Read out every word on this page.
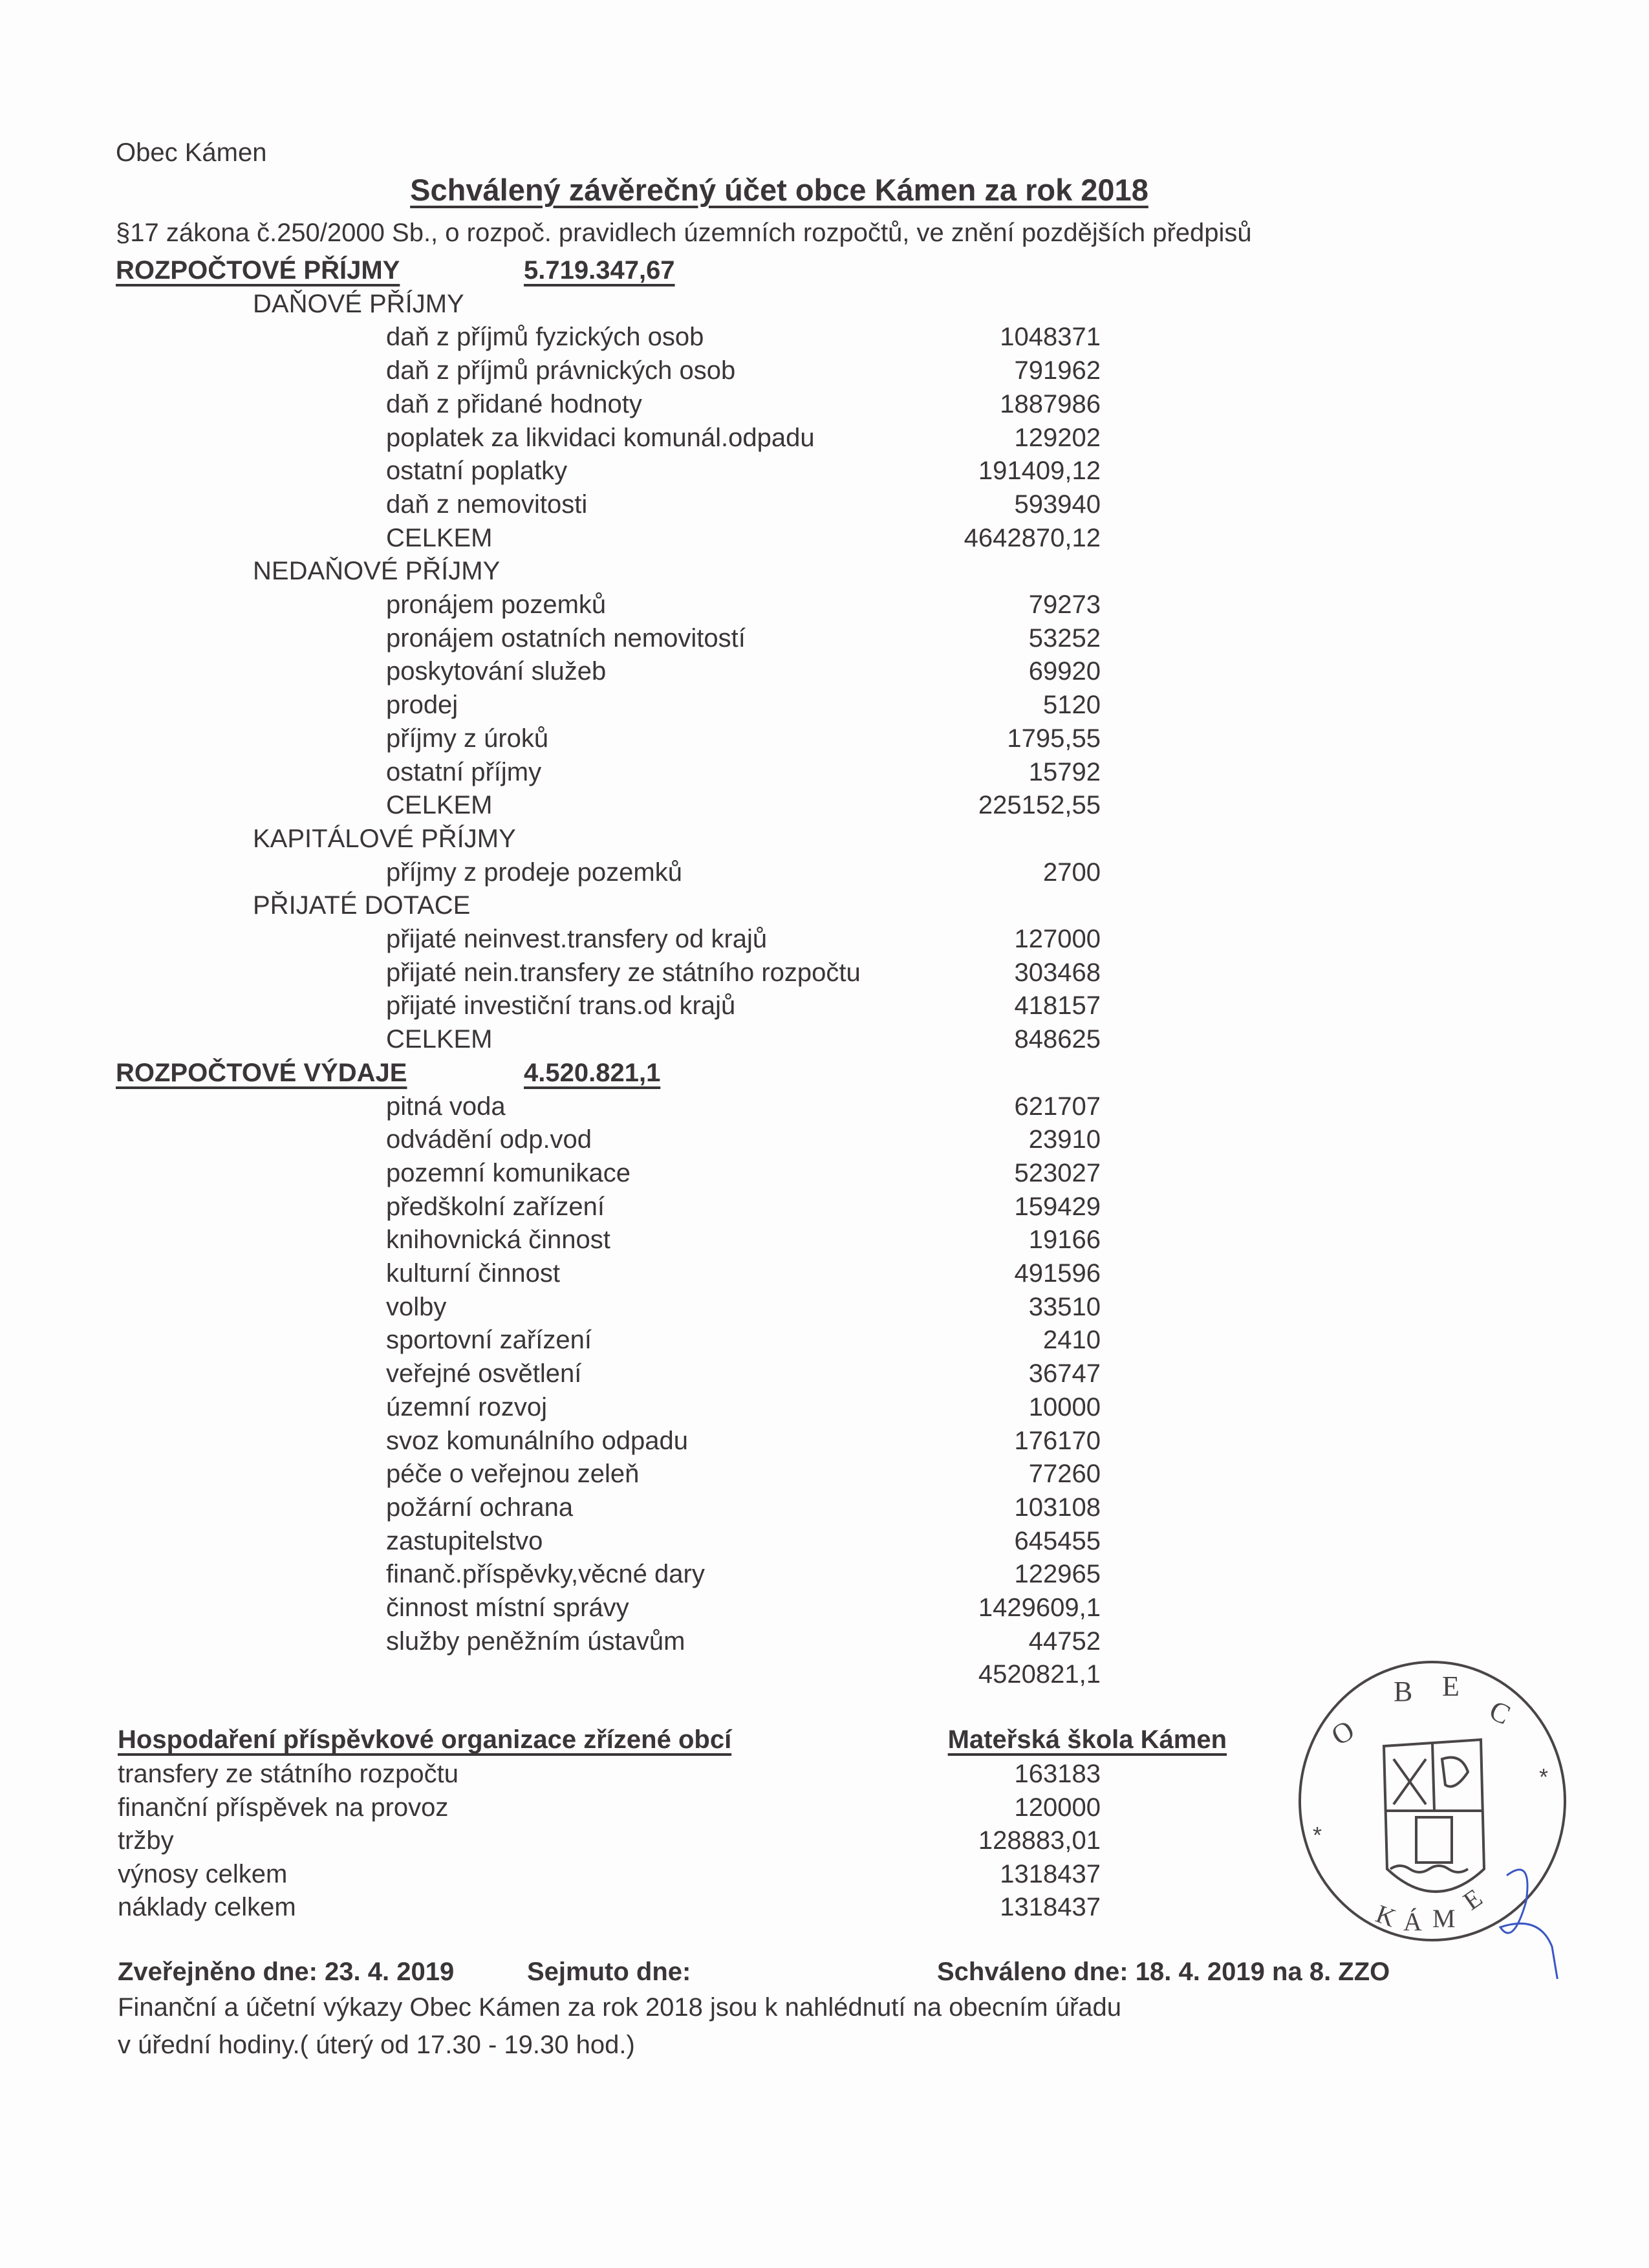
Obec Kámen
Schválený závěrečný účet obce Kámen za rok 2018
§17 zákona č.250/2000 Sb., o rozpoč. pravidlech územních rozpočtů, ve znění pozdějších předpisů
ROZPOČTOVÉ PŘÍJMY	5.719.347,67
DAŇOVÉ PŘÍJMY
daň z příjmů fyzických osob	1048371
daň z příjmů právnických osob	791962
daň z přidané hodnoty	1887986
poplatek za likvidaci komunál.odpadu	129202
ostatní poplatky	191409,12
daň z nemovitosti	593940
CELKEM	4642870,12
NEDAŇOVÉ PŘÍJMY
pronájem pozemků	79273
pronájem ostatních nemovitostí	53252
poskytování služeb	69920
prodej	5120
příjmy z úroků	1795,55
ostatní příjmy	15792
CELKEM	225152,55
KAPITÁLOVÉ PŘÍJMY
příjmy z prodeje pozemků	2700
PŘIJATÉ DOTACE
přijaté neinvest.transfery od krajů	127000
přijaté nein.transfery ze státního rozpočtu	303468
přijaté investiční trans.od krajů	418157
CELKEM	848625
ROZPOČTOVÉ VÝDAJE	4.520.821,1
pitná voda	621707
odvádění odp.vod	23910
pozemní komunikace	523027
předškolní zařízení	159429
knihovnická činnost	19166
kulturní činnost	491596
volby	33510
sportovní zařízení	2410
veřejné osvětlení	36747
územní rozvoj	10000
svoz komunálního odpadu	176170
péče o veřejnou zeleň	77260
požární ochrana	103108
zastupitelstvo	645455
finanč.příspěvky,věcné dary	122965
činnost místní správy	1429609,1
služby peněžním ústavům	44752
4520821,1
Hospodaření příspěvkové organizace zřízené obcí	Mateřská škola Kámen
transfery ze státního rozpočtu	163183
finanční příspěvek na provoz	120000
tržby	128883,01
výnosy celkem	1318437
náklady celkem	1318437
Zveřejněno dne: 23. 4. 2019	Sejmuto dne:	Schváleno dne: 18. 4. 2019 na 8. ZZO
Finanční a účetní výkazy Obec Kámen za rok 2018 jsou k nahlédnutí na obecním úřadu
v úřední hodiny.( úterý od 17.30 - 19.30 hod.)
O
B E
C
*
*
K Á M
E
